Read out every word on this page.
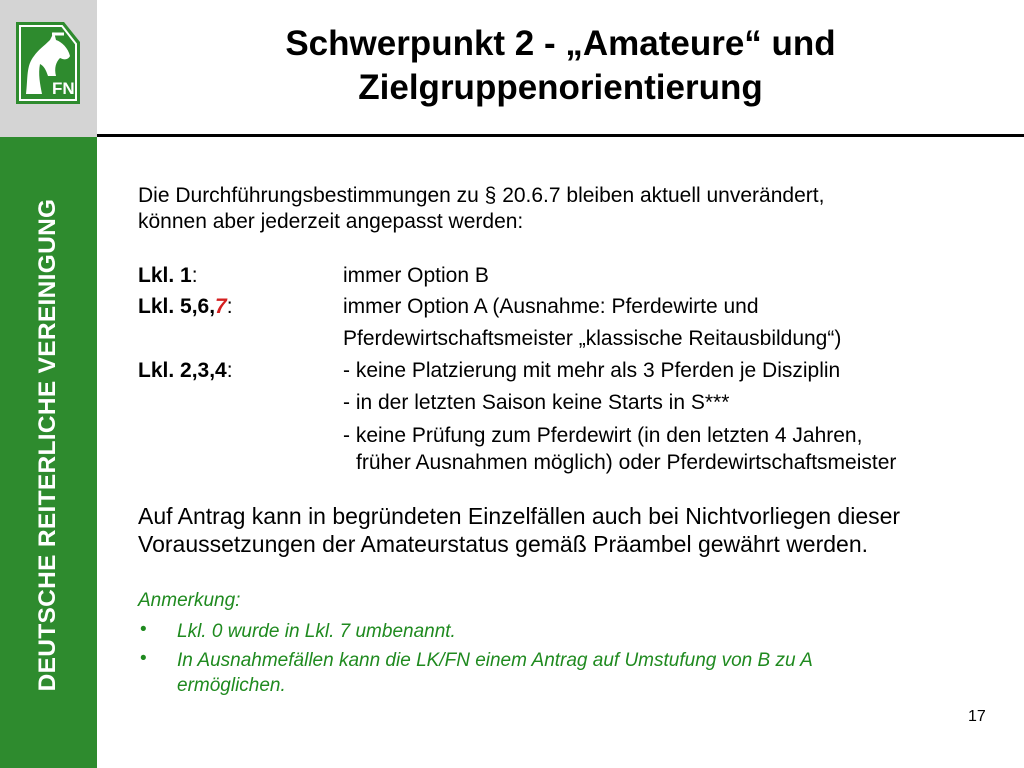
FN
DEUTSCHE REITERLICHE VEREINIGUNG
Schwerpunkt 2 - „Amateure“ und
Zielgruppenorientierung
Die Durchführungsbestimmungen zu § 20.6.7 bleiben aktuell unverändert,
können aber jederzeit angepasst werden:
Lkl. 1:	immer Option B
Lkl. 5,6,7:	immer Option A (Ausnahme: Pferdewirte und
Pferdewirtschaftsmeister „klassische Reitausbildung“)
Lkl. 2,3,4:	- keine Platzierung mit mehr als 3 Pferden je Disziplin
- in der letzten Saison keine Starts in S***
- keine Prüfung zum Pferdewirt (in den letzten 4 Jahren,
früher Ausnahmen möglich) oder Pferdewirtschaftsmeister
Auf Antrag kann in begründeten Einzelfällen auch bei Nichtvorliegen dieser
Voraussetzungen der Amateurstatus gemäß Präambel gewährt werden.
Anmerkung:
• Lkl. 0 wurde in Lkl. 7 umbenannt.
• In Ausnahmefällen kann die LK/FN einem Antrag auf Umstufung von B zu A
ermöglichen.
17
